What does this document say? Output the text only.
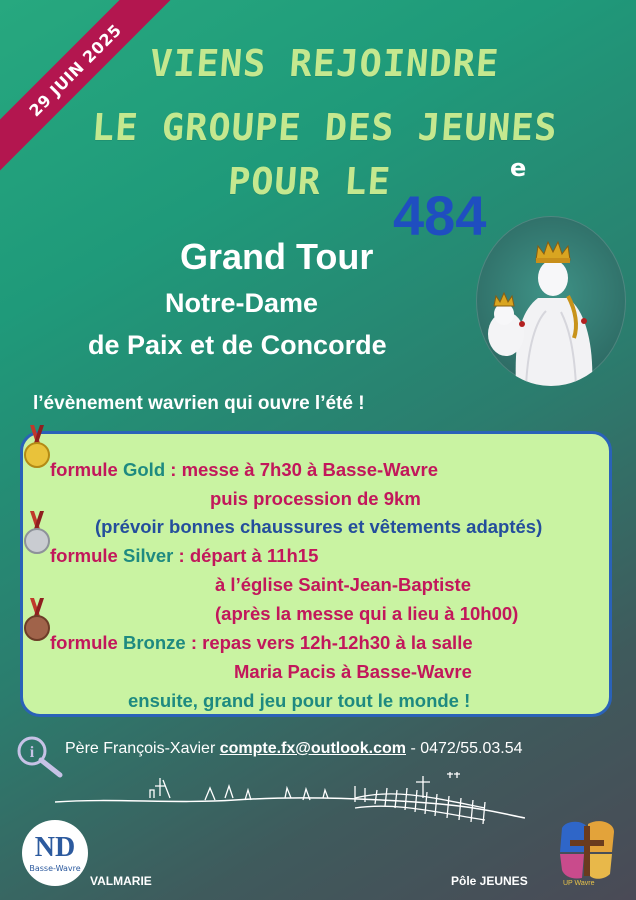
29 JUIN 2025 VIENS REJOINDRE
LE GROUPE DES JEUNES
POUR LE
484
e
Grand Tour
Notre-Dame
de Paix et de Concorde
l’évènement wavrien qui ouvre l’été !
formule Gold : messe à 7h30 à Basse-Wavre
puis procession de 9km
(prévoir bonnes chaussures et vêtements adaptés)
formule Silver : départ à 11h15
à l’église Saint-Jean-Baptiste
(après la messe qui a lieu à 10h00)
formule Bronze : repas vers 12h-12h30 à la salle
Maria Pacis à Basse-Wavre
ensuite, grand jeu pour tout le monde !
i Père François-Xavier compte.fx@outlook.com - 0472/55.03.54
ND
Basse-Wavre
VALMARIE	Pôle JEUNES	UP Wavre
